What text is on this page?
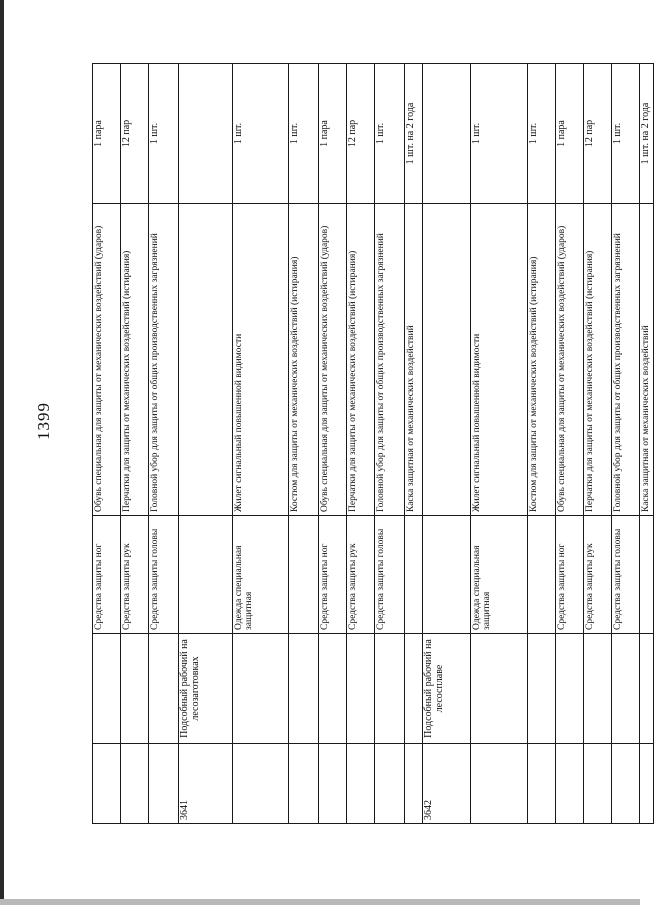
1399
		Средства защиты ног	Обувь специальная для защиты от механических воздействий (ударов)	1 пара
		Средства защиты рук	Перчатки для защиты от механических воздействий (истирания)	12 пар
		Средства защиты головы	Головной убор для защиты от общих производственных загрязнений	1 шт.
3641	Подсобный рабочий на лесозаготовках			
		Одежда специальная защитная	Жилет сигнальный повышенной видимости	1 шт.
			Костюм для защиты от механических воздействий (истирания)	1 шт.
		Средства защиты ног	Обувь специальная для защиты от механических воздействий (ударов)	1 пара
		Средства защиты рук	Перчатки для защиты от механических воздействий (истирания)	12 пар
		Средства защиты головы	Головной убор для защиты от общих производственных загрязнений	1 шт.
			Каска защитная от механических воздействий	1 шт. на 2 года
3642	Подсобный рабочий на лесосплаве			
		Одежда специальная защитная	Жилет сигнальный повышенной видимости	1 шт.
			Костюм для защиты от механических воздействий (истирания)	1 шт.
		Средства защиты ног	Обувь специальная для защиты от механических воздействий (ударов)	1 пара
		Средства защиты рук	Перчатки для защиты от механических воздействий (истирания)	12 пар
		Средства защиты головы	Головной убор для защиты от общих производственных загрязнений	1 шт.
			Каска защитная от механических воздействий	1 шт. на 2 года
